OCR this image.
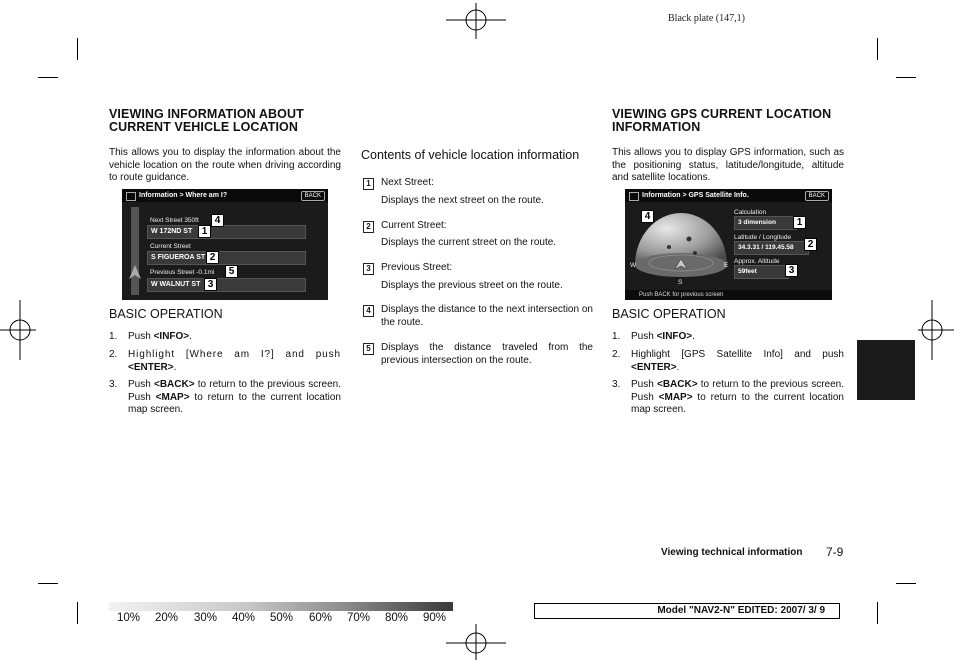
Black plate (147,1)
VIEWING INFORMATION ABOUT
CURRENT VEHICLE LOCATION
This allows you to display the information about the vehicle location on the route when driving according to route guidance.
Information > Where am I?	BACK
Next Street 350ft
W 172ND ST
Current Street
S FIGUEROA ST
Previous Street -0.1mi
W WALNUT ST
4
1
2
5
3
BASIC OPERATION
1. Push <INFO>.
2. Highlight [Where am I?] and push <ENTER>.
3. Push <BACK> to return to the previous screen. Push <MAP> to return to the current location map screen.
Contents of vehicle location information
1	Next Street:
Displays the next street on the route.
2	Current Street:
Displays the current street on the route.
3	Previous Street:
Displays the previous street on the route.
4	Displays the distance to the next intersection on the route.
5	Displays the distance traveled from the previous intersection on the route.
VIEWING GPS CURRENT LOCATION
INFORMATION
This allows you to display GPS information, such as the positioning status, latitude/longitude, altitude and satellite locations.
Information > GPS Satellite Info.	BACK
W	E
S
Calculation
3 dimension
Latitude / Longitude
34.3.31 / 119.45.58
Approx. Altitude
59feet
Push BACK for previous screen
4
1
2
3
BASIC OPERATION
1. Push <INFO>.
2. Highlight [GPS Satellite Info] and push <ENTER>.
3. Push <BACK> to return to the previous screen. Push <MAP> to return to the current location map screen.
Viewing technical information 7-9
10% 20% 30% 40% 50% 60% 70% 80% 90%
Model "NAV2-N" EDITED: 2007/ 3/ 9
